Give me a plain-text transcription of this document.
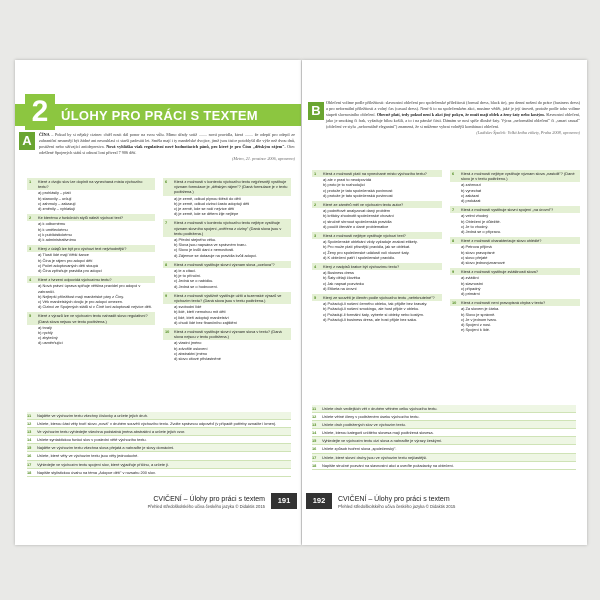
2 ÚLOHY PRO PRÁCI S TEXTEM
A	ČÍNA – Pokud by si nějaký cizinec chtěl nosit dál ponor na svou vůlu. Mimo úřady sotiž ........ nová pravidla, která ........ že odepíí pro odepíí ze zahraniční neusmějí být žádné ani nesouhlasí ci starší padesáti let. Směla mají i ty manželské dvojice, jimž jsou tisíce potoblyšil dle výše než dvou dnů, postižení nebo užívající antidepresiva. Nová vyhláška však regulativní nové hodnotiacích pánů, pro které je pro Čínu „dětským rájem". Otec odešlené Spojených států si odnosí loni přivezl 7 906 dětí.
(Metro, 21. prosince 2006, upraveno)
1	Které z dvojic slov lze doplnit na vynechaná místa výchozího textu?
a) prohlásily – platí
b) stanovily – určují
c) zahrnuly – zakazují
d) změnily – vyhlašují
2	Ke kterému z funkčních stylů náleží výchozí text?
a) k odbornému
b) k uměleckému
c) k publicistickému
d) k administrativnímu
3	Který z údajů lze být pro výchozí text nejvhodnější?
a) Tlustí lidé mají Větší šance
b) Čína je rájem pro adopci dětí
c) Počet adoptovaných dětí stoupá
d) Čína zpřísňuje pravidla pro adopci
4	Které z tvrzení odpovídá výchozímu textu?
a) Nová právní úprava splňuje většina pravidel pro adopci v zahraničí.
b) Nejlepší příležitost mají manželské páry z Číny.
c) Věk manželských dvojic je pro adopci omezen.
d) Cizinci ze Spojených států si v Číně loni adoptovali nejvíce dětí.
5	Které z výrazů lze ve výchozím textu nahradit slovo regulativní? (Daná slova nejsou ve textu podtržena.)
a) trvalý
b) rychlý
c) zbytečný
d) usměrňující
6	Která z možností v kontextu výchozího textu nejpřesněji vystihuje význam formulace je „dětským rájem"? (Daná formulace je v textu podtržena.)
a) je země, odkud plynou štěstí do dětí
b) je země, odkud cizinci často adoptují děti
c) je země, kde se rodí nejvíce dětí
d) je země, kde se dětem žije nejlépe
7	Která z možností v kontextu výchozího textu nejlépe vystihuje význam slovního spojení „ověřena z ciziny" (Daná slova jsou v textu podtržena.)
a) Přední stejného věku.
b) Slova jsou napsána ve správném tvaru.
c) Slovo je kvůli dani z nemovitosti.
d) Zájemce se dotazuje na pravidla kvůli adopci.
8	Která z možností vystihuje slovní význam slova „ocelova"?
a) le a citaci.
b) je to příruční.
c) Jedná se o nabídku.
d) Jedná se o hodnocení.
9	Která z možností výstižně vystihuje užití a tuzemské výrazů ve výchozím textu? (Daná slova jsou v textu podtržena.)
a) svobodní lidé
b) lidé, kteří nemohou mít děti
c) lidé, kteří adoptují manželství
d) chudí lidé bez finančního zajištění
10	Která z možností vystihuje slovní význam slova v textu? (Daná slova nejsou v textu podtržena.)
a) vlastní jméno
b) zdvořilé oslovení
c) abstraktní jméno
d) slovo citové přivlastněné
11	Najděte ve výchozím textu všechny číslovky a určete jejich druh.
12	Určete, kterou část věty tvoří slovo „nová" v druhém souvětí výchozího textu. Zvolte správnou odpověď (v případě potřeby označte i kmen).
13	Ve výchozím textu vyhledejte všechna podstatná jména abstraktní a určete jejich vzor.
14	Určete syntaktickou funkci slov v poslední větě výchozího textu.
15	Najděte ve výchozím textu všechna slova přejatá a nahraďte je slovy domácími.
16	Určete, které věty ve výchozím textu jsou věty jednoduché.
17	Vyhledejte ve výchozím textu spojení slov, které vyjadřuje příčinu, a určete ji.
18	Napište stylistickou úvahu na téma „Adopce dětí" v rozsahu 200 slov.
CVIČENÍ – Úlohy pro práci s textem
Přehled středoškolského učiva českého jazyka © Didaktis 2015
191
B
Oblečení volíme podle příležitosti: slavnostní oblečení pro společenské příležitosti (formal dress, black tie), pro denní nošení do práce (business dress) a pro neformální příležitosti a volný čas (casual dress). Není-li to na společenském akci, musíme vědět, jaké je její úroveň, protože podle toho volíme stupeň slavnostního oblečení. Obecně platí, tedy pokud není k akci jiný pokyn, že muži mají oblek a ženy šaty nebo kostým. Slavnostní oblečení, jako je smoking či frak, vyžaduje bílou košili, a to i na pánské části. Dámám se nosí spíše dlouhé šaty. Výraz „neformální oblečení" či „smart casual" (oblečení ve stylu „neformálně elegantní") znamená, že si můžeme vybrat volnější kombinaci oblečení.
(Ladislav Špaček: Velká kniha etikety, Praha 2008, upraveno)
1	Která z možností platí na vynechané místo výchozího textu?
a) ale v praxi to neodpovídá
b) proto je to rozhodující
c) protože je tato společenská povinnost
d) protože je tato společenská povinnost
2	Které ze záměrů měl ve výchozím textu autor?
a) podnětově analyzovat daný problém
b) kriticky zhodnotit společenské chování
c) stručně shrnout společenská pravidla
d) poučit čtenáře o dané problematice
3	Která z možností nejlépe vystihuje výchozí text?
a) Společenské oblékání vždy vyžaduje znalost etikety.
b) Pro muže platí přísnější pravidla, jak se oblékat.
c) Ženy pro společenské události volí vkusné šaty.
d) K oblečení patří i společenské pravidlo.
4	Který z nadpisů kratce být výchozímu textu?
a) Business dress
b) Šaty dělají člověka
c) Jak napsat pozvánku
d) Etiketa na úrovni
5	Který ze souvětí je členěn podle výchozího textu „neřeknutelné"?
a) Požadují-li nošení černého obleku, tak přijďte bez kravaty.
b) Požadují-li nošení smokingu, ale host přijde v obleku.
c) Požadují-li formální šaty, vyberte si obleky nebo kostým.
d) Požadují-li business dress, ale host přijde bez saka.
6	Která z možností nejlépe vystihuje význam slova „nastolit"? (Dané slovo je v textu podtrženo.)
a) zahrnout
b) vynechat
c) zakázat
d) prokázat
7	Která z možností vystihuje slovní spojení „na úrovni"?
a) velmi vhodný
b) Oblečení je důležité.
c) Je to vhodný.
d) Jedná se o přípravu.
8	Které z možností charakterizuje slovo ohlédlé?
a) Petrova přijímá
b) slovo pravopisné
c) slovo přejaté
d) slovo jednovýznamové
9	Která z možností vystihuje zvláštnosti slova?
a) zvláštní
b) slavnostní
c) případný
d) primární
10	Která z možností není pravopisná chyba v textu?
a) Za slovem je čárka.
b) Slovo je správně.
c) Je v jednom tvaru.
d) Spojení z nosí.
e) Spojení k lidé.
11	Určete druh vedlejších vět v druhém větném celku výchozího textu.
12	Určete větné členy v podtrženém úseku výchozího textu.
13	Určete druh podtržených slov ve výchozím textu.
14	Určete, kterou kategorii určitého slovesa mají podtržená slovesa.
15	Vyhledejte ve výchozím textu cizí slova a nahraďte je výrazy českými.
16	Určete způsob tvoření slova „společenský".
17	Určete, které slovní druhy jsou ve výchozím textu nejčastější.
18	Napište stručné pozvání na slavnostní akci a uveďte požadavky na oblečení.
192	CVIČENÍ – Úlohy pro práci s textem
Přehled středoškolského učiva českého jazyka © Didaktis 2015
